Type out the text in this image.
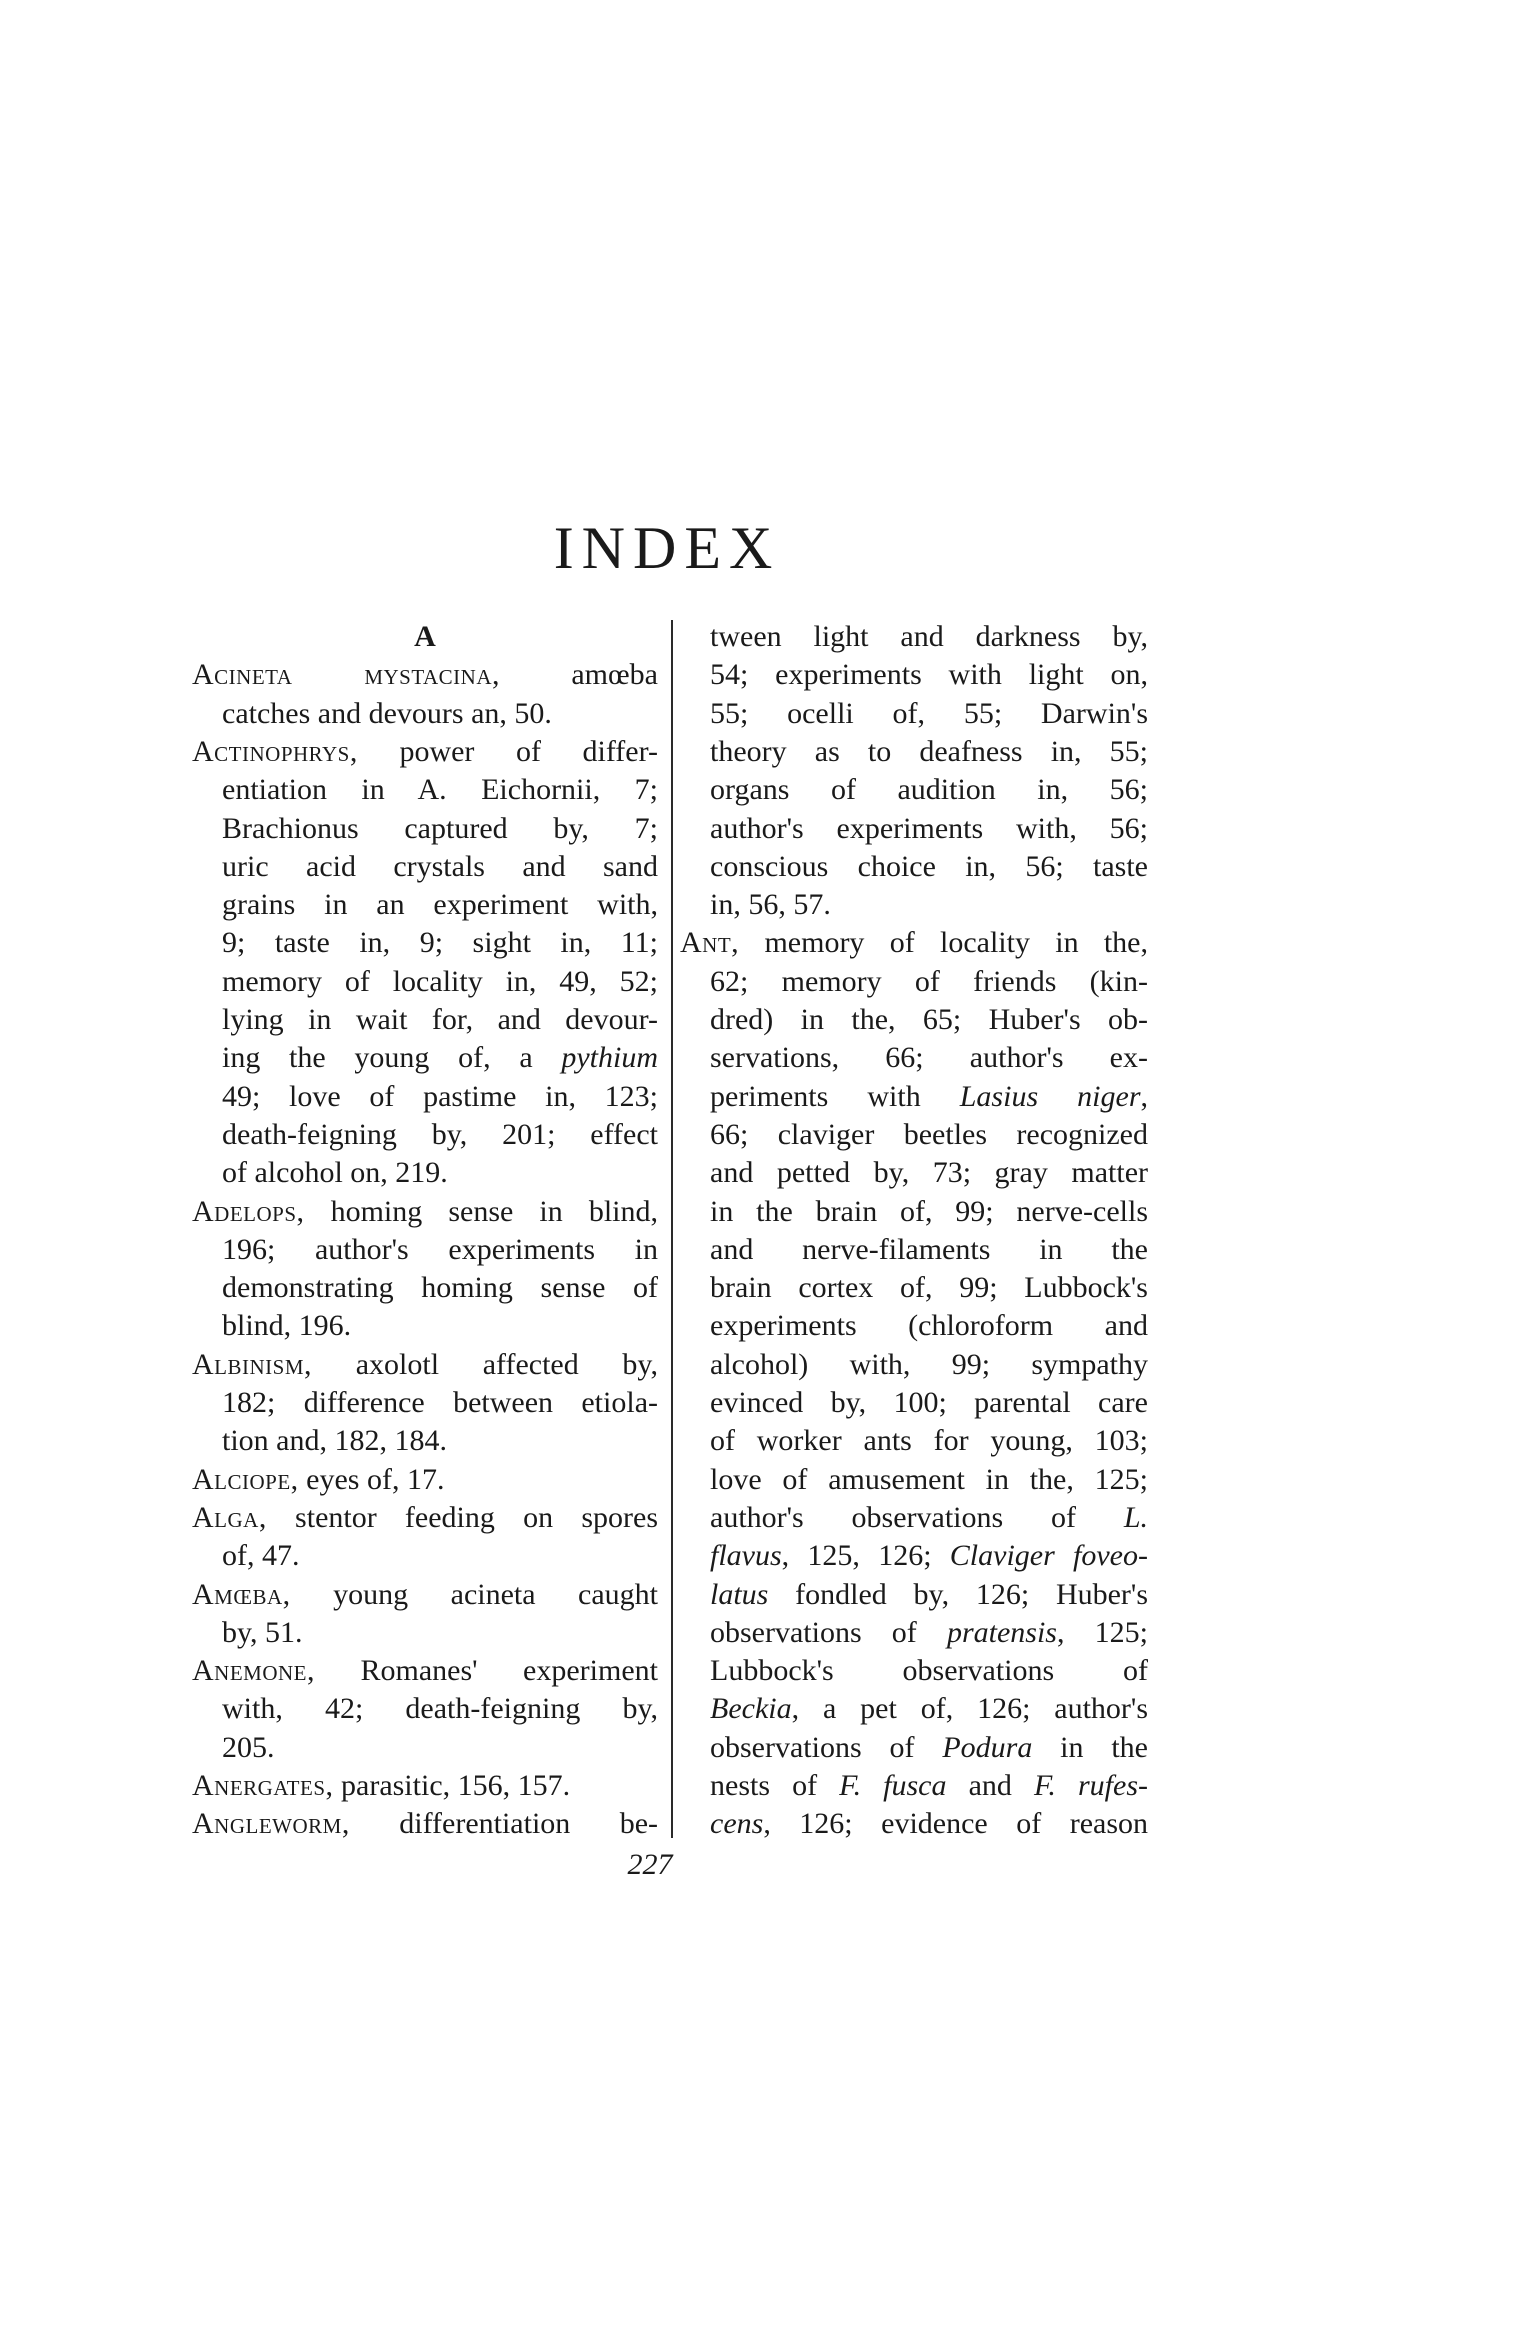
INDEX
A
Acineta mystacina, amœba
catches and devours an, 50.
Actinophrys, power of differ-
entiation in A. Eichornii, 7;
Brachionus captured by, 7;
uric acid crystals and sand
grains in an experiment with,
9; taste in, 9; sight in, 11;
memory of locality in, 49, 52;
lying in wait for, and devour-
ing the young of, a pythium
49; love of pastime in, 123;
death-feigning by, 201; effect
of alcohol on, 219.
Adelops, homing sense in blind,
196; author's experiments in
demonstrating homing sense of
blind, 196.
Albinism, axolotl affected by,
182; difference between etiola-
tion and, 182, 184.
Alciope, eyes of, 17.
Alga, stentor feeding on spores
of, 47.
Amœba, young acineta caught
by, 51.
Anemone, Romanes' experiment
with, 42; death-feigning by,
205.
Anergates, parasitic, 156, 157.
Angleworm, differentiation be-
tween light and darkness by,
54; experiments with light on,
55; ocelli of, 55; Darwin's
theory as to deafness in, 55;
organs of audition in, 56;
author's experiments with, 56;
conscious choice in, 56; taste
in, 56, 57.
Ant, memory of locality in the,
62; memory of friends (kin-
dred) in the, 65; Huber's ob-
servations, 66; author's ex-
periments with Lasius niger,
66; claviger beetles recognized
and petted by, 73; gray matter
in the brain of, 99; nerve-cells
and nerve-filaments in the
brain cortex of, 99; Lubbock's
experiments (chloroform and
alcohol) with, 99; sympathy
evinced by, 100; parental care
of worker ants for young, 103;
love of amusement in the, 125;
author's observations of L.
flavus, 125, 126; Claviger foveo-
latus fondled by, 126; Huber's
observations of pratensis, 125;
Lubbock's observations of
Beckia, a pet of, 126; author's
observations of Podura in the
nests of F. fusca and F. rufes-
cens, 126; evidence of reason
227
